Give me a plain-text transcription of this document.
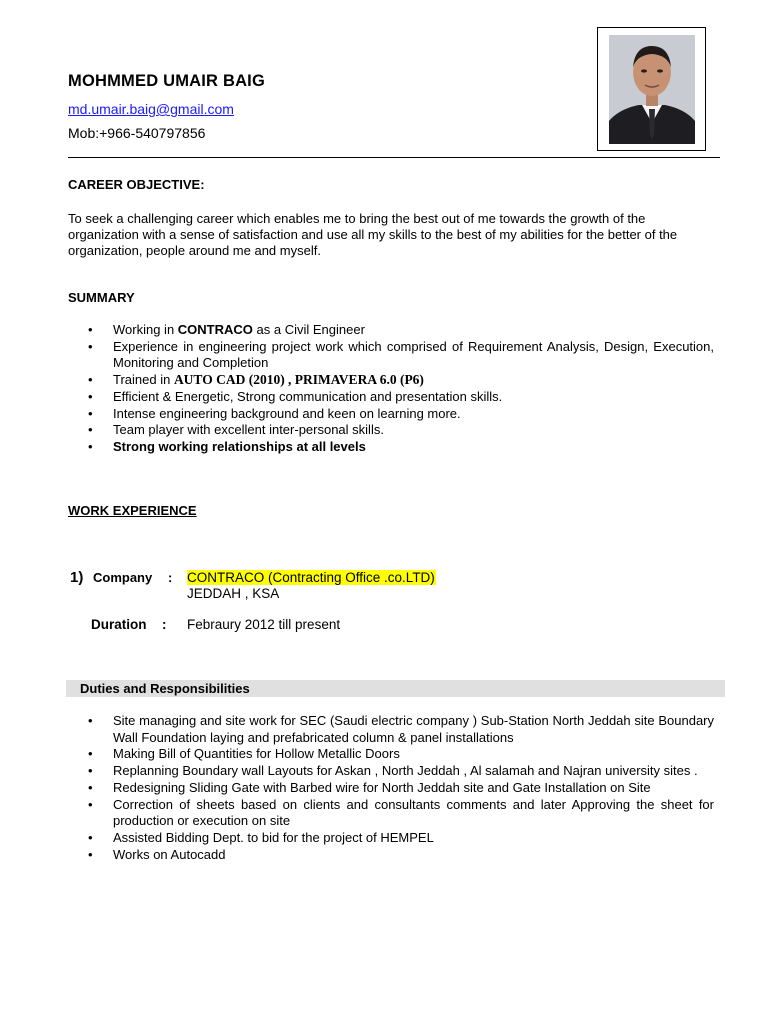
MOHMMED UMAIR BAIG
md.umair.baig@gmail.com
Mob:+966-540797856
CAREER OBJECTIVE:
To seek a challenging career which enables me to bring the best out of me towards the growth of the organization with a sense of satisfaction and use all my skills to the best of my abilities for the better of the organization, people around me and myself.
SUMMARY
• Working in CONTRACO as a Civil Engineer
• Experience in engineering project work which comprised of Requirement Analysis, Design, Execution, Monitoring and Completion
• Trained in AUTO CAD (2010) , PRIMAVERA 6.0 (P6)
• Efficient & Energetic, Strong communication and presentation skills.
• Intense engineering background and keen on learning more.
• Team player with excellent inter-personal skills.
• Strong working relationships at all levels
WORK EXPERIENCE
1) Company : CONTRACO (Contracting Office .co.LTD)
JEDDAH , KSA
Duration : Febraury 2012 till present
Duties and Responsibilities
• Site managing and site work for SEC (Saudi electric company ) Sub-Station North Jeddah site Boundary Wall Foundation laying and prefabricated column & panel installations
• Making Bill of Quantities for Hollow Metallic Doors
• Replanning Boundary wall Layouts for Askan , North Jeddah , Al salamah and Najran university sites .
• Redesigning Sliding Gate with Barbed wire for North Jeddah site and Gate Installation on Site
• Correction of sheets based on clients and consultants comments and later Approving the sheet for production or execution on site
• Assisted Bidding Dept. to bid for the project of HEMPEL
• Works on Autocadd
